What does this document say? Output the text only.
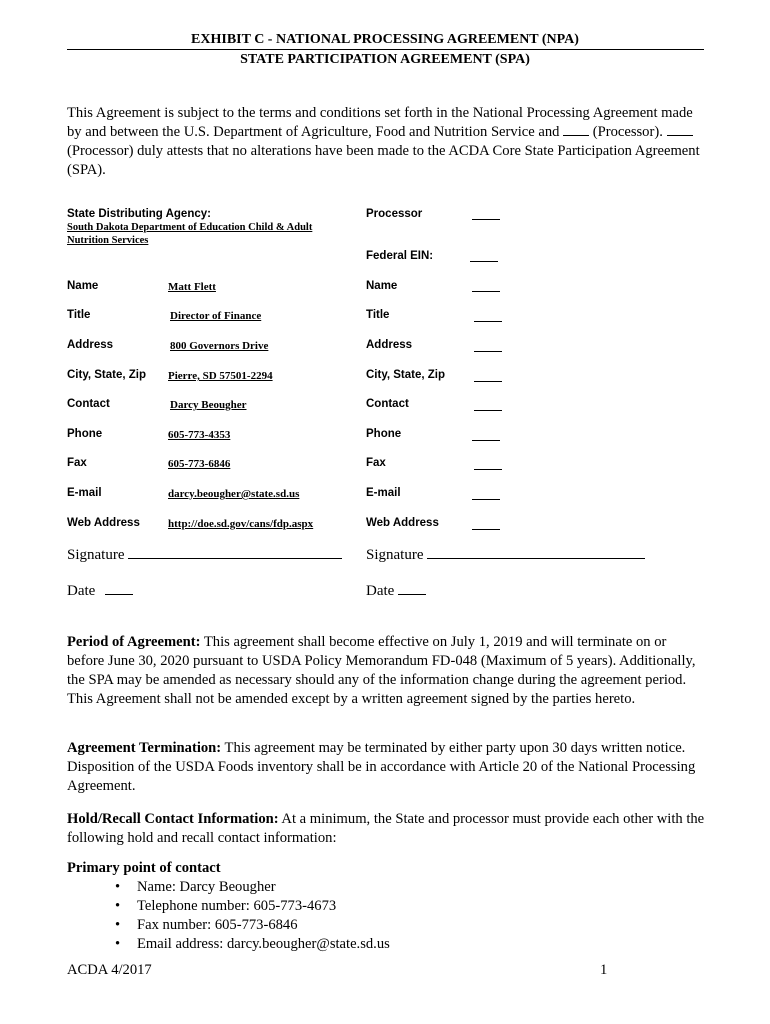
EXHIBIT C - NATIONAL PROCESSING AGREEMENT (NPA)
STATE PARTICIPATION AGREEMENT (SPA)
This Agreement is subject to the terms and conditions set forth in the National Processing Agreement made by and between the U.S. Department of Agriculture, Food and Nutrition Service and  (Processor).  (Processor) duly attests that no alterations have been made to the ACDA Core State Participation Agreement (SPA).
State Distributing Agency:
South Dakota Department of Education Child & Adult
Nutrition Services
Processor
Federal EIN:
Name	Matt Flett	Name
Title	Director of Finance	Title
Address	800 Governors Drive	Address
City, State, Zip Pierre, SD 57501-2294	City, State, Zip
Contact	Darcy Beougher	Contact
Phone	605-773-4353	Phone
Fax	605-773-6846	Fax
E-mail	darcy.beougher@state.sd.us	E-mail
Web Address	http://doe.sd.gov/cans/fdp.aspx	Web Address
Signature	Signature
Date	Date
Period of Agreement: This agreement shall become effective on July 1, 2019 and will terminate on or before June 30, 2020 pursuant to USDA Policy Memorandum FD-048 (Maximum of 5 years). Additionally, the SPA may be amended as necessary should any of the information change during the agreement period. This Agreement shall not be amended except by a written agreement signed by the parties hereto.
Agreement Termination: This agreement may be terminated by either party upon 30 days written notice. Disposition of the USDA Foods inventory shall be in accordance with Article 20 of the National Processing Agreement.
Hold/Recall Contact Information: At a minimum, the State and processor must provide each other with the following hold and recall contact information:
Primary point of contact
• Name: Darcy Beougher
• Telephone number: 605-773-4673
• Fax number: 605-773-6846
• Email address: darcy.beougher@state.sd.us
ACDA 4/2017	1
